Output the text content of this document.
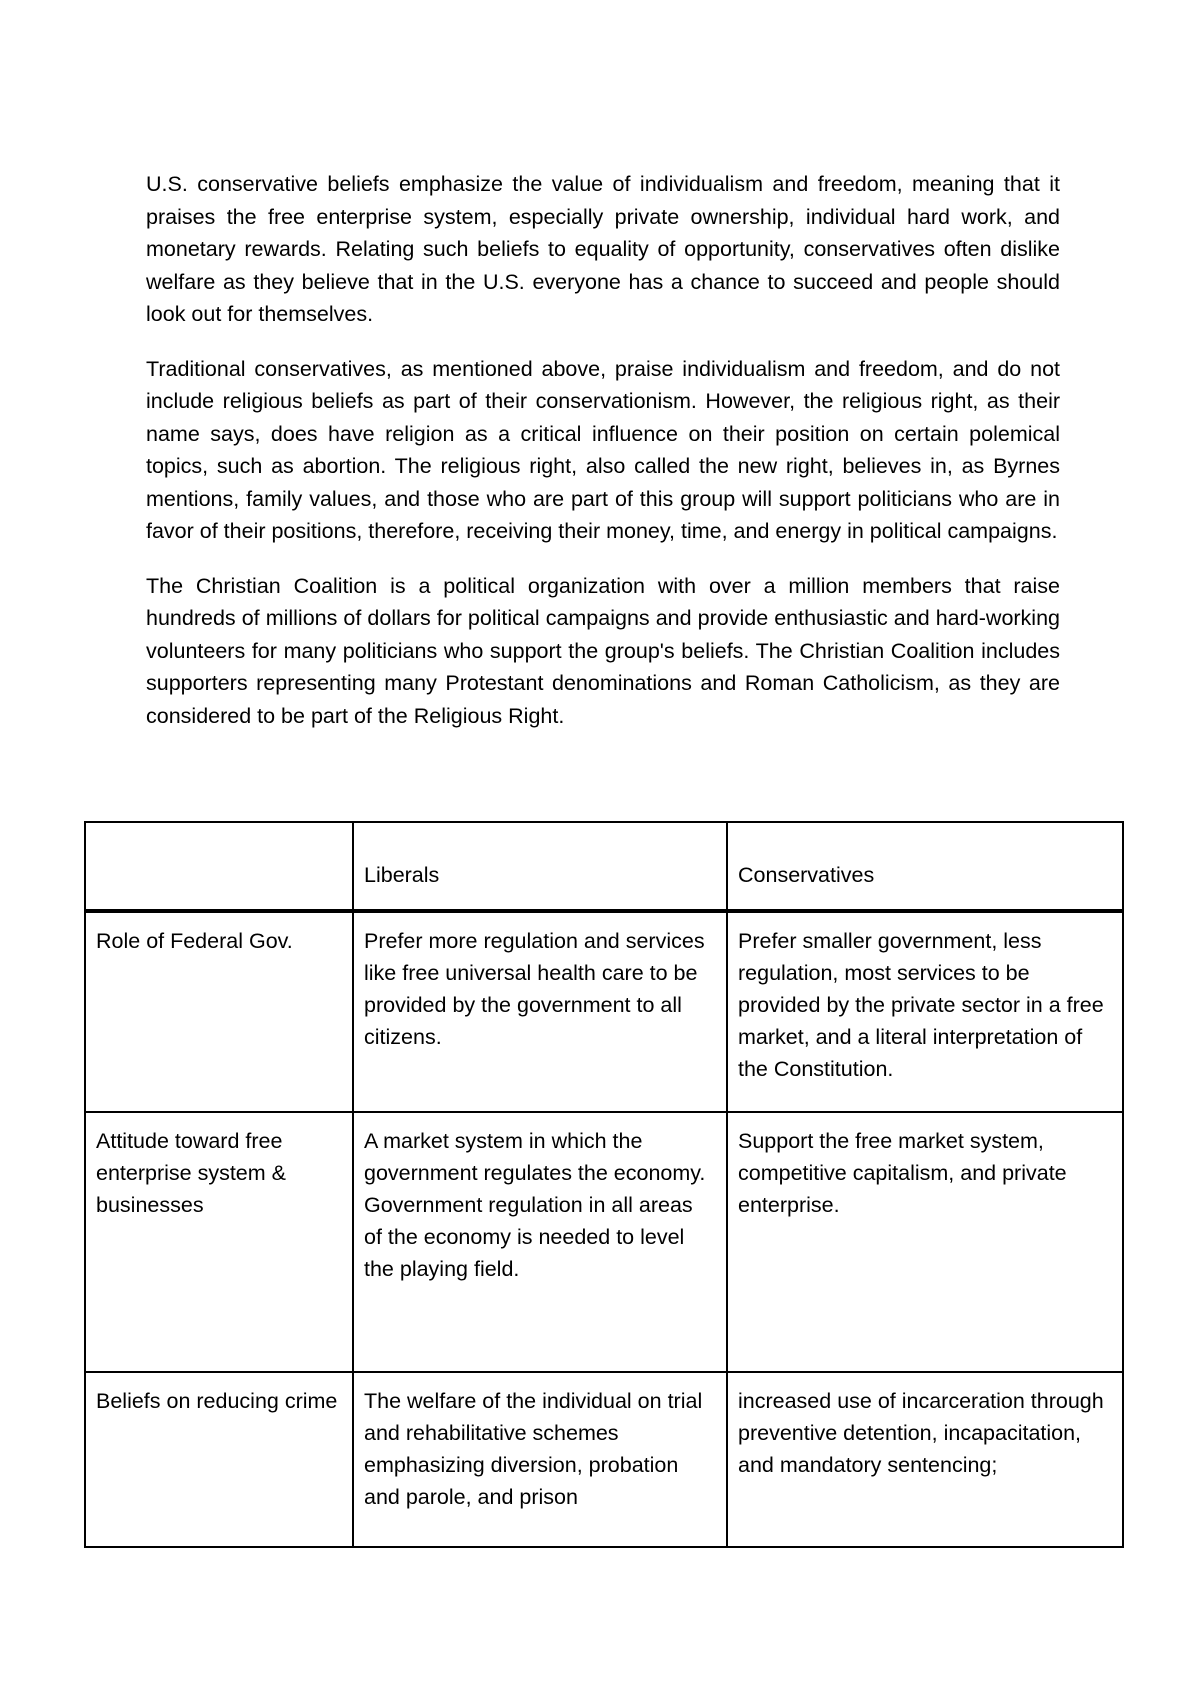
U.S. conservative beliefs emphasize the value of individualism and freedom, meaning that it praises the free enterprise system, especially private ownership, individual hard work, and monetary rewards. Relating such beliefs to equality of opportunity, conservatives often dislike welfare as they believe that in the U.S. everyone has a chance to succeed and people should look out for themselves.

Traditional conservatives, as mentioned above, praise individualism and freedom, and do not include religious beliefs as part of their conservationism. However, the religious right, as their name says, does have religion as a critical influence on their position on certain polemical topics, such as abortion. The religious right, also called the new right, believes in, as Byrnes mentions, family values, and those who are part of this group will support politicians who are in favor of their positions, therefore, receiving their money, time, and energy in political campaigns.

The Christian Coalition is a political organization with over a million members that raise hundreds of millions of dollars for political campaigns and provide enthusiastic and hard-working volunteers for many politicians who support the group's beliefs. The Christian Coalition includes supporters representing many Protestant denominations and Roman Catholicism, as they are considered to be part of the Religious Right.

	Liberals	Conservatives
Role of Federal Gov.	Prefer more regulation and services like free universal health care to be provided by the government to all citizens.	Prefer smaller government, less regulation, most services to be provided by the private sector in a free market, and a literal interpretation of the Constitution.
Attitude toward free enterprise system & businesses	A market system in which the government regulates the economy. Government regulation in all areas of the economy is needed to level the playing field.	Support the free market system, competitive capitalism, and private enterprise.
Beliefs on reducing crime	The welfare of the individual on trial and rehabilitative schemes emphasizing diversion, probation and parole, and prison	increased use of incarceration through preventive detention, incapacitation, and mandatory sentencing;
